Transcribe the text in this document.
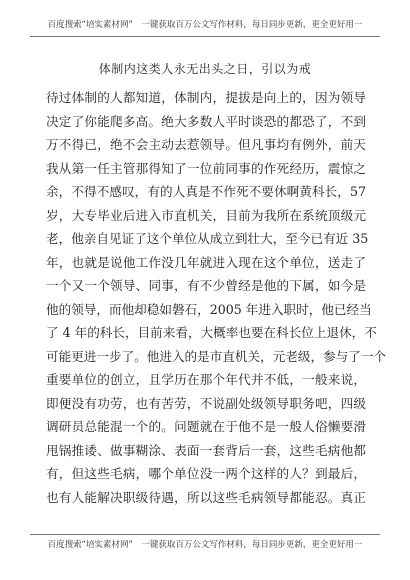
百度搜索“培实素材网”　一键获取百万公文写作材料，每日同步更新，更全更好用一
体制内这类人永无出头之日，引以为戒
待过体制的人都知道，体制内，提拔是向上的，因为领导
决定了你能爬多高。绝大多数人平时谈恐的都恐了，不到
万不得已，绝不会主动去惹领导。但凡事均有例外，前天
我从第一任主管那得知了一位前同事的作死经历，震惊之
余，不得不感叹，有的人真是不作死不要休啊黄科长，57
岁，大专毕业后进入市直机关，目前为我所在系统顶级元
老，他亲自见证了这个单位从成立到壮大，至今已有近 35
年，也就是说他工作没几年就进入现在这个单位，送走了
一个又一个领导、同事，有不少曾经是他的下属，如今是
他的领导，而他却稳如磐石，2005 年进入职时，他已经当
了 4 年的科长，目前来看，大概率也要在科长位上退休，不
可能更进一步了。他进入的是市直机关，元老级，参与了一个
重要单位的创立，且学历在那个年代并不低，一般来说，
即便没有功劳，也有苦劳，不说副处级领导职务吧，四级
调研员总能混一个的。问题就在于他不是一般人俗懒要滑
甩锅推诿、做事糊涂、表面一套背后一套，这些毛病他都
有，但这些毛病，哪个单位没一两个这样的人？到最后，
也有人能解决职级待遇，所以这些毛病领导都能忍。真正
百度搜索“培实素材网”　一键获取百万公文写作材料，每日同步更新，更全更好用一
